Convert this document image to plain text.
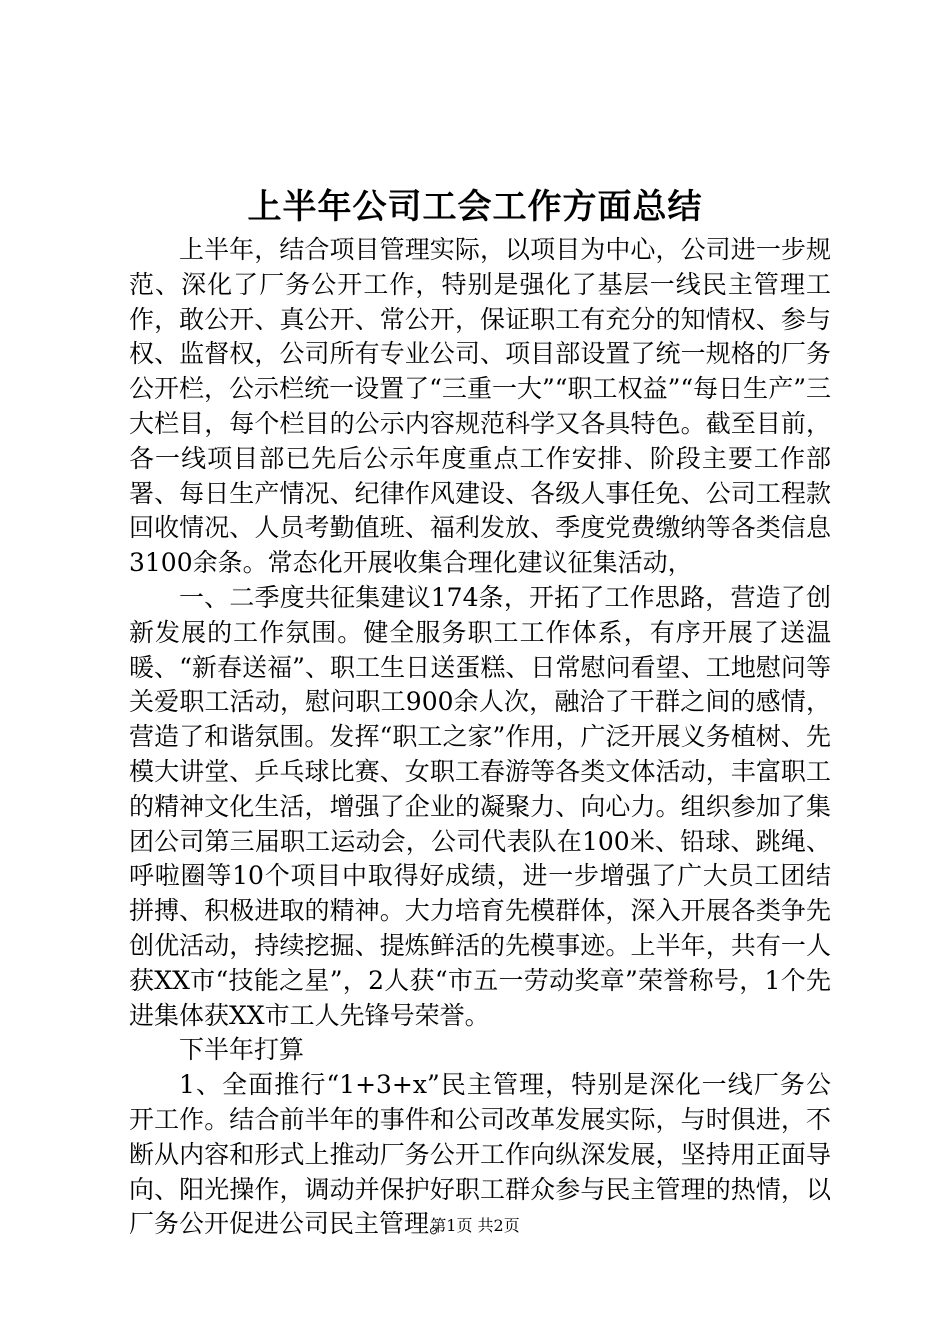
上半年公司工会工作方面总结

上半年，结合项目管理实际，以项目为中心，公司进一步规范、深化了厂务公开工作，特别是强化了基层一线民主管理工作，敢公开、真公开、常公开，保证职工有充分的知情权、参与权、监督权，公司所有专业公司、项目部设置了统一规格的厂务公开栏，公示栏统一设置了“三重一大”“职工权益”“每日生产”三大栏目，每个栏目的公示内容规范科学又各具特色。截至目前，各一线项目部已先后公示年度重点工作安排、阶段主要工作部署、每日生产情况、纪律作风建设、各级人事任免、公司工程款回收情况、人员考勤值班、福利发放、季度党费缴纳等各类信息3100余条。常态化开展收集合理化建议征集活动，

一、二季度共征集建议174条，开拓了工作思路，营造了创新发展的工作氛围。健全服务职工工作体系，有序开展了送温暖、“新春送福”、职工生日送蛋糕、日常慰问看望、工地慰问等关爱职工活动，慰问职工900余人次，融洽了干群之间的感情，营造了和谐氛围。发挥“职工之家”作用，广泛开展义务植树、先模大讲堂、乒乓球比赛、女职工春游等各类文体活动，丰富职工的精神文化生活，增强了企业的凝聚力、向心力。组织参加了集团公司第三届职工运动会，公司代表队在100米、铅球、跳绳、呼啦圈等10个项目中取得好成绩，进一步增强了广大员工团结拼搏、积极进取的精神。大力培育先模群体，深入开展各类争先创优活动，持续挖掘、提炼鲜活的先模事迹。上半年，共有一人获XX市“技能之星”，2人获“市五一劳动奖章”荣誉称号，1个先进集体获XX市工人先锋号荣誉。

下半年打算

1、全面推行“1+3+x”民主管理，特别是深化一线厂务公开工作。结合前半年的事件和公司改革发展实际，与时俱进，不断从内容和形式上推动厂务公开工作向纵深发展，坚持用正面导向、阳光操作，调动并保护好职工群众参与民主管理的热情，以厂务公开促进公司民主管理。

第1页 共2页
